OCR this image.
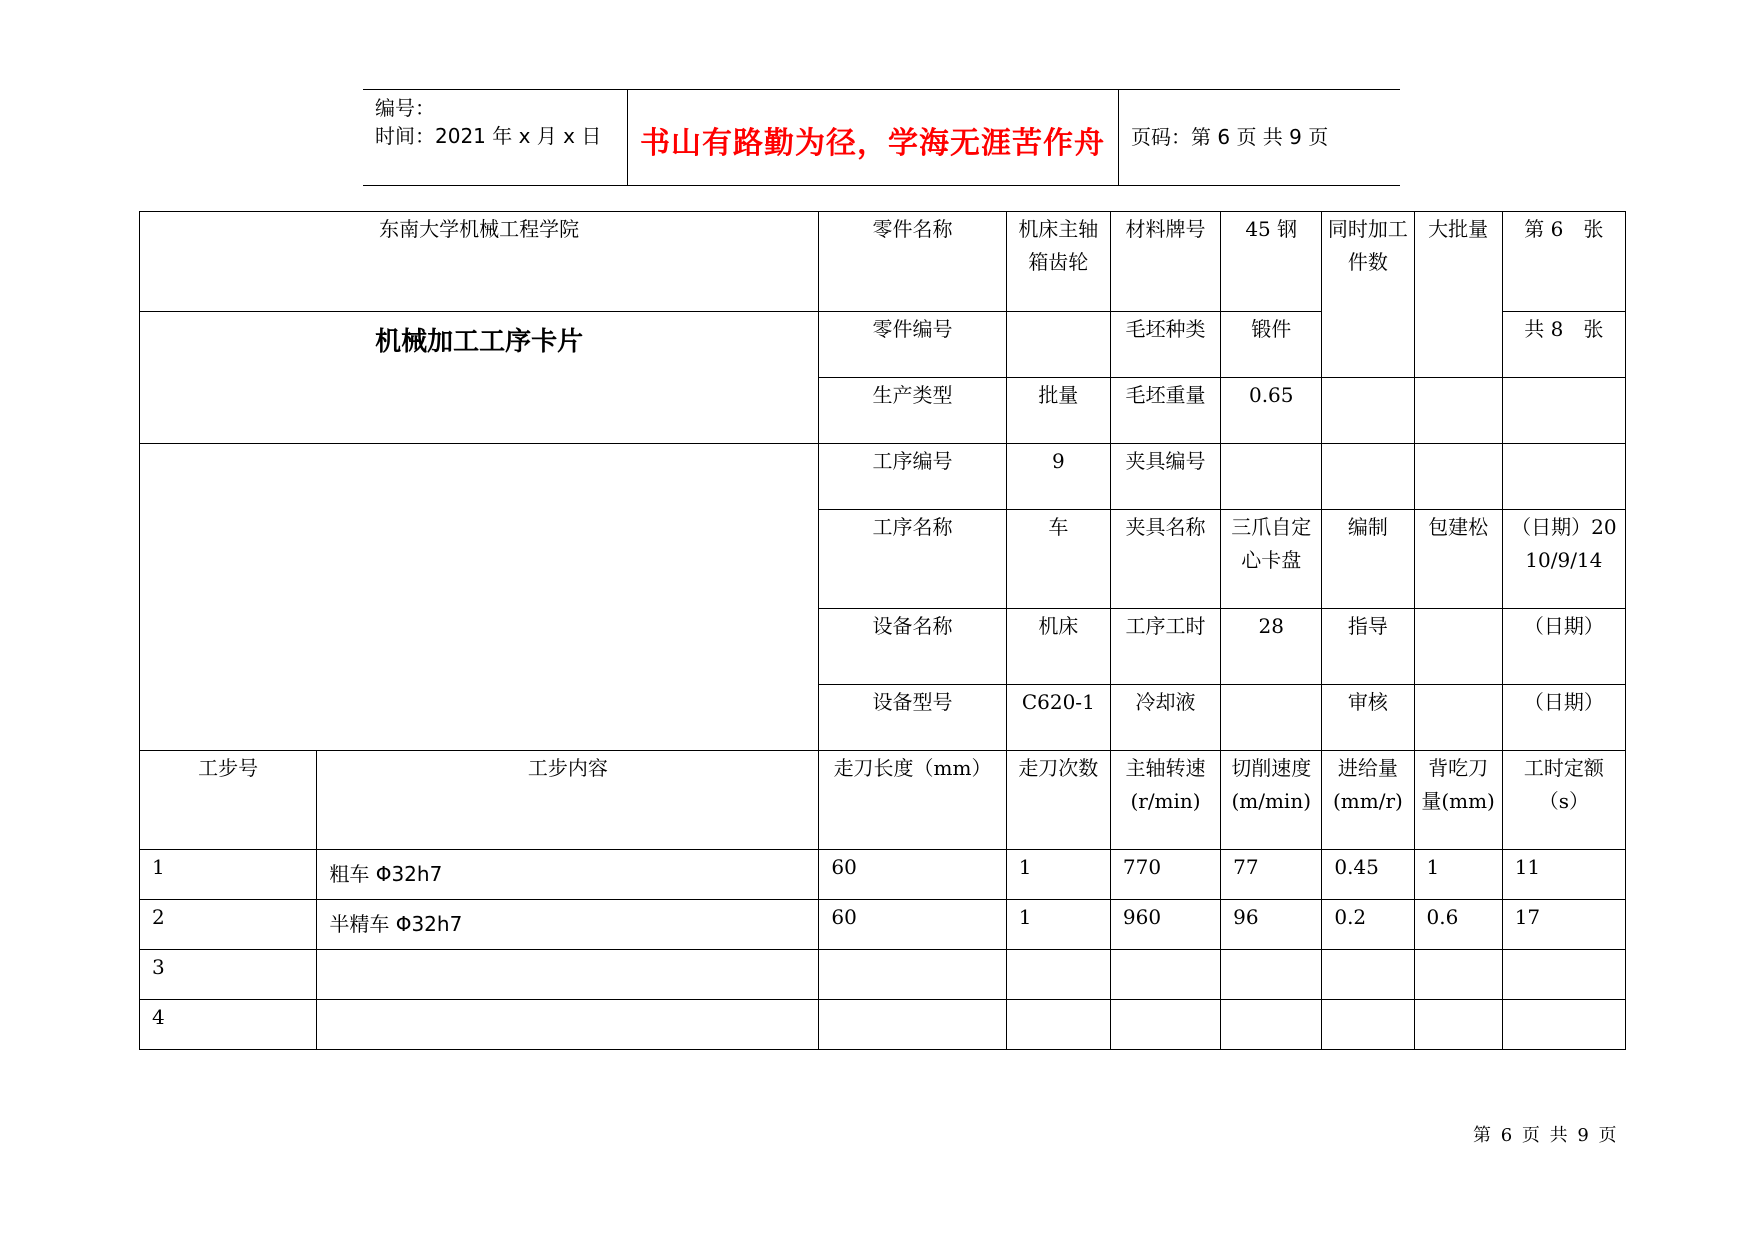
编号：
时间：2021 年 x 月 x 日	书山有路勤为径，学海无涯苦作舟	页码：第 6 页 共 9 页
东南大学机械工程学院		零件名称	机床主轴箱齿轮	材料牌号	45 钢	同时加工件数	大批量	第 6　张
机械加工工序卡片		零件编号		毛坯种类	锻件			共 8　张
		生产类型	批量	毛坯重量	0.65			
		工序编号	9	夹具编号				
		工序名称	车	夹具名称	三爪自定心卡盘	编制	包建松	（日期）2010/9/14
		设备名称	机床	工序工时	28	指导		（日期）
		设备型号	C620-1	冷却液		审核		（日期）
工步号	工步内容	走刀长度（mm）	走刀次数	主轴转速(r/min)	切削速度(m/min)	进给量(mm/r)	背吃刀量(mm)	工时定额（s）
1	粗车 Φ32h7	60	1	770	77	0.45	1	11
2	半精车 Φ32h7	60	1	960	96	0.2	0.6	17
3								
4								
第 6 页 共 9 页
